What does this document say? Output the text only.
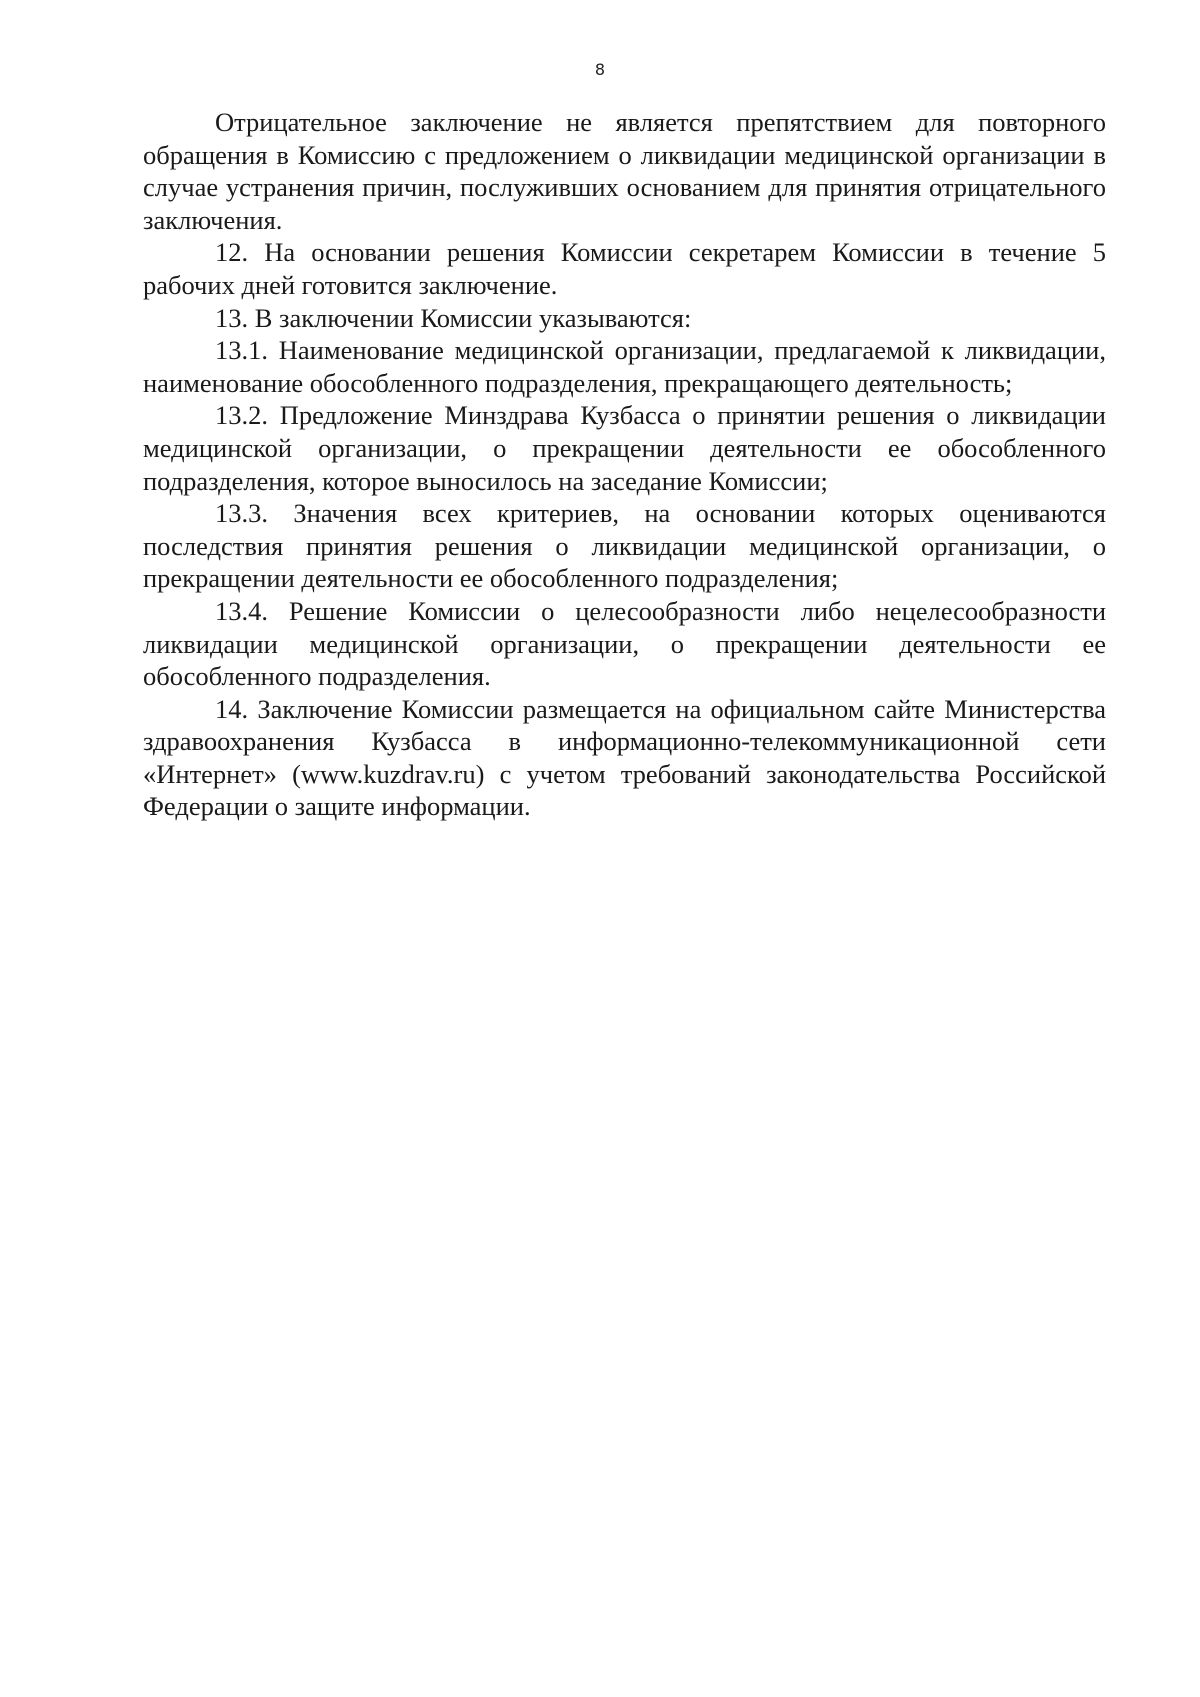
8

Отрицательное заключение не является препятствием для повторного обращения в Комиссию с предложением о ликвидации медицинской организации в случае устранения причин, послуживших основанием для принятия отрицательного заключения.

12. На основании решения Комиссии секретарем Комиссии в течение 5 рабочих дней готовится заключение.

13. В заключении Комиссии указываются:

13.1. Наименование медицинской организации, предлагаемой к ликвидации, наименование обособленного подразделения, прекращающего деятельность;

13.2. Предложение Минздрава Кузбасса о принятии решения о ликвидации медицинской организации, о прекращении деятельности ее обособленного подразделения, которое выносилось на заседание Комиссии;

13.3. Значения всех критериев, на основании которых оцениваются последствия принятия решения о ликвидации медицинской организации, о прекращении деятельности ее обособленного подразделения;

13.4. Решение Комиссии о целесообразности либо нецелесообразности ликвидации медицинской организации, о прекращении деятельности ее обособленного подразделения.

14. Заключение Комиссии размещается на официальном сайте Министерства здравоохранения Кузбасса в информационно-телекоммуникационной сети «Интернет» (www.kuzdrav.ru) с учетом требований законодательства Российской Федерации о защите информации.
